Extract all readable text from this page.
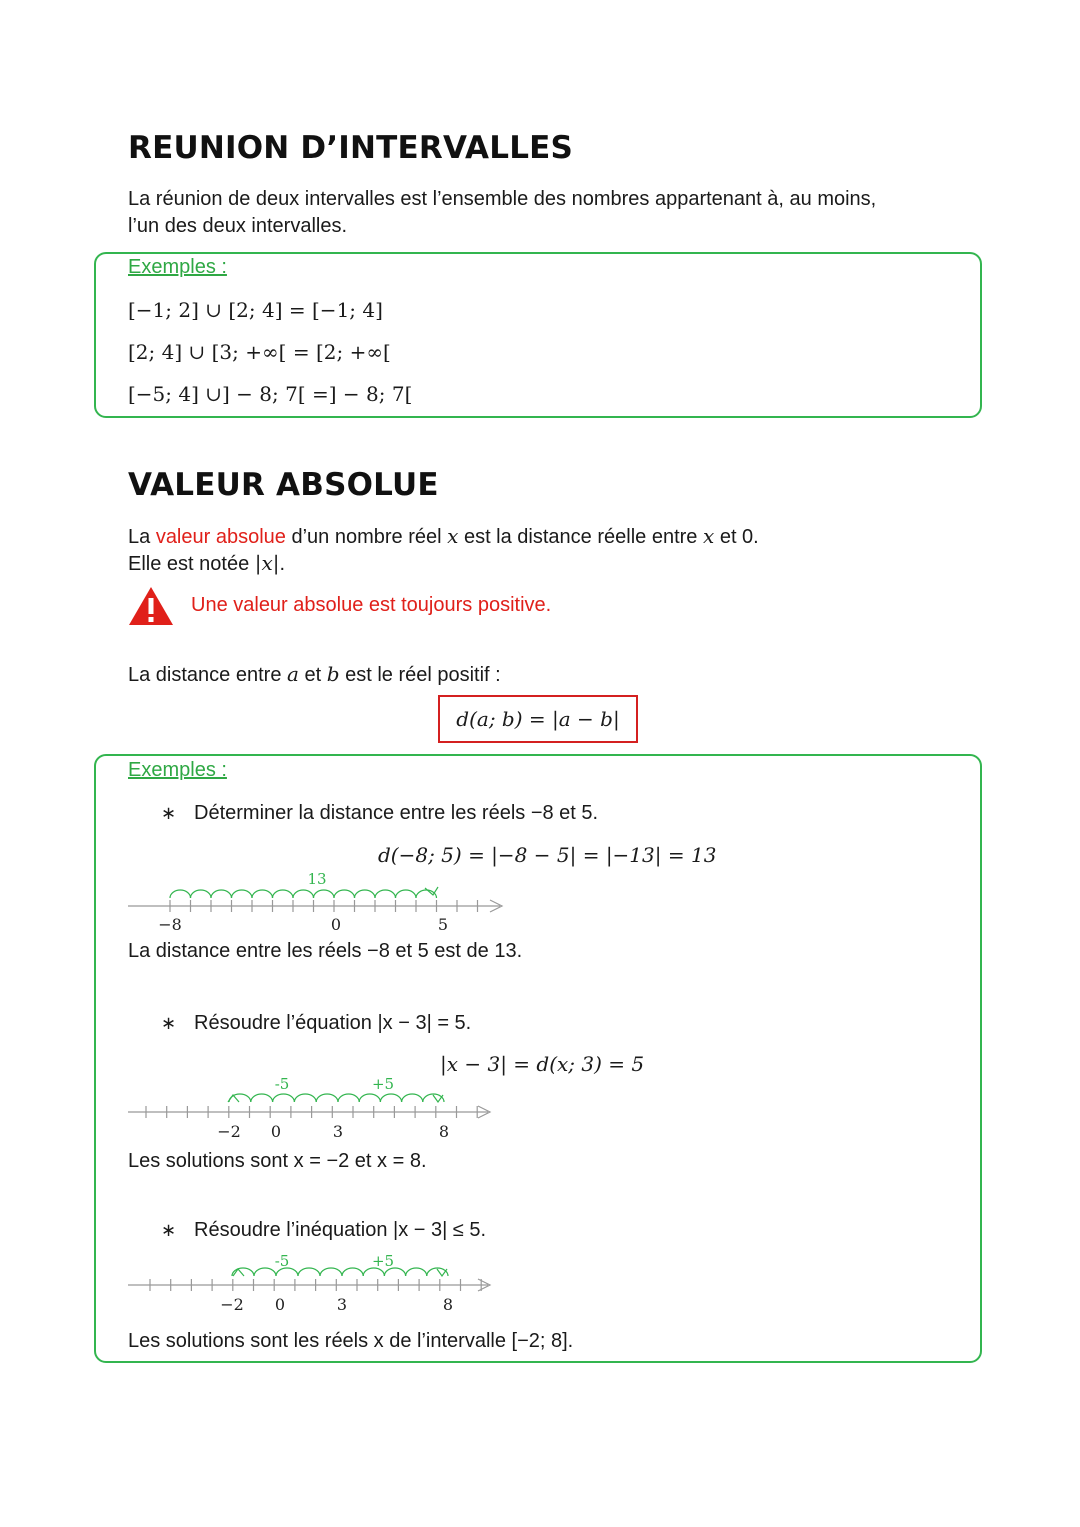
REUNION D’INTERVALLES
La réunion de deux intervalles est l’ensemble des nombres appartenant à, au moins,
l’un des deux intervalles.
Exemples :
[−1; 2] ∪ [2; 4] = [−1; 4]
[2; 4] ∪ [3; +∞[ = [2; +∞[
[−5; 4] ∪] − 8; 7[ =] − 8; 7[
VALEUR ABSOLUE
La valeur absolue d’un nombre réel x est la distance réelle entre x et 0.
Elle est notée |x|.
Une valeur absolue est toujours positive.
La distance entre a et b est le réel positif :
d(a; b) = |a − b|
Exemples :
∗ Déterminer la distance entre les réels −8 et 5.
d(−8; 5) = |−8 − 5| = |−13| = 13
13
−8	0	5
La distance entre les réels −8 et 5 est de 13.
∗ Résoudre l’équation |x − 3| = 5.
|x − 3| = d(x; 3) = 5
-5	+5
−2 0	3	8
Les solutions sont x = −2 et x = 8.
∗ Résoudre l’inéquation |x − 3| ≤ 5.
-5	+5
−2 0	3	8
Les solutions sont les réels x de l’intervalle [−2; 8].
